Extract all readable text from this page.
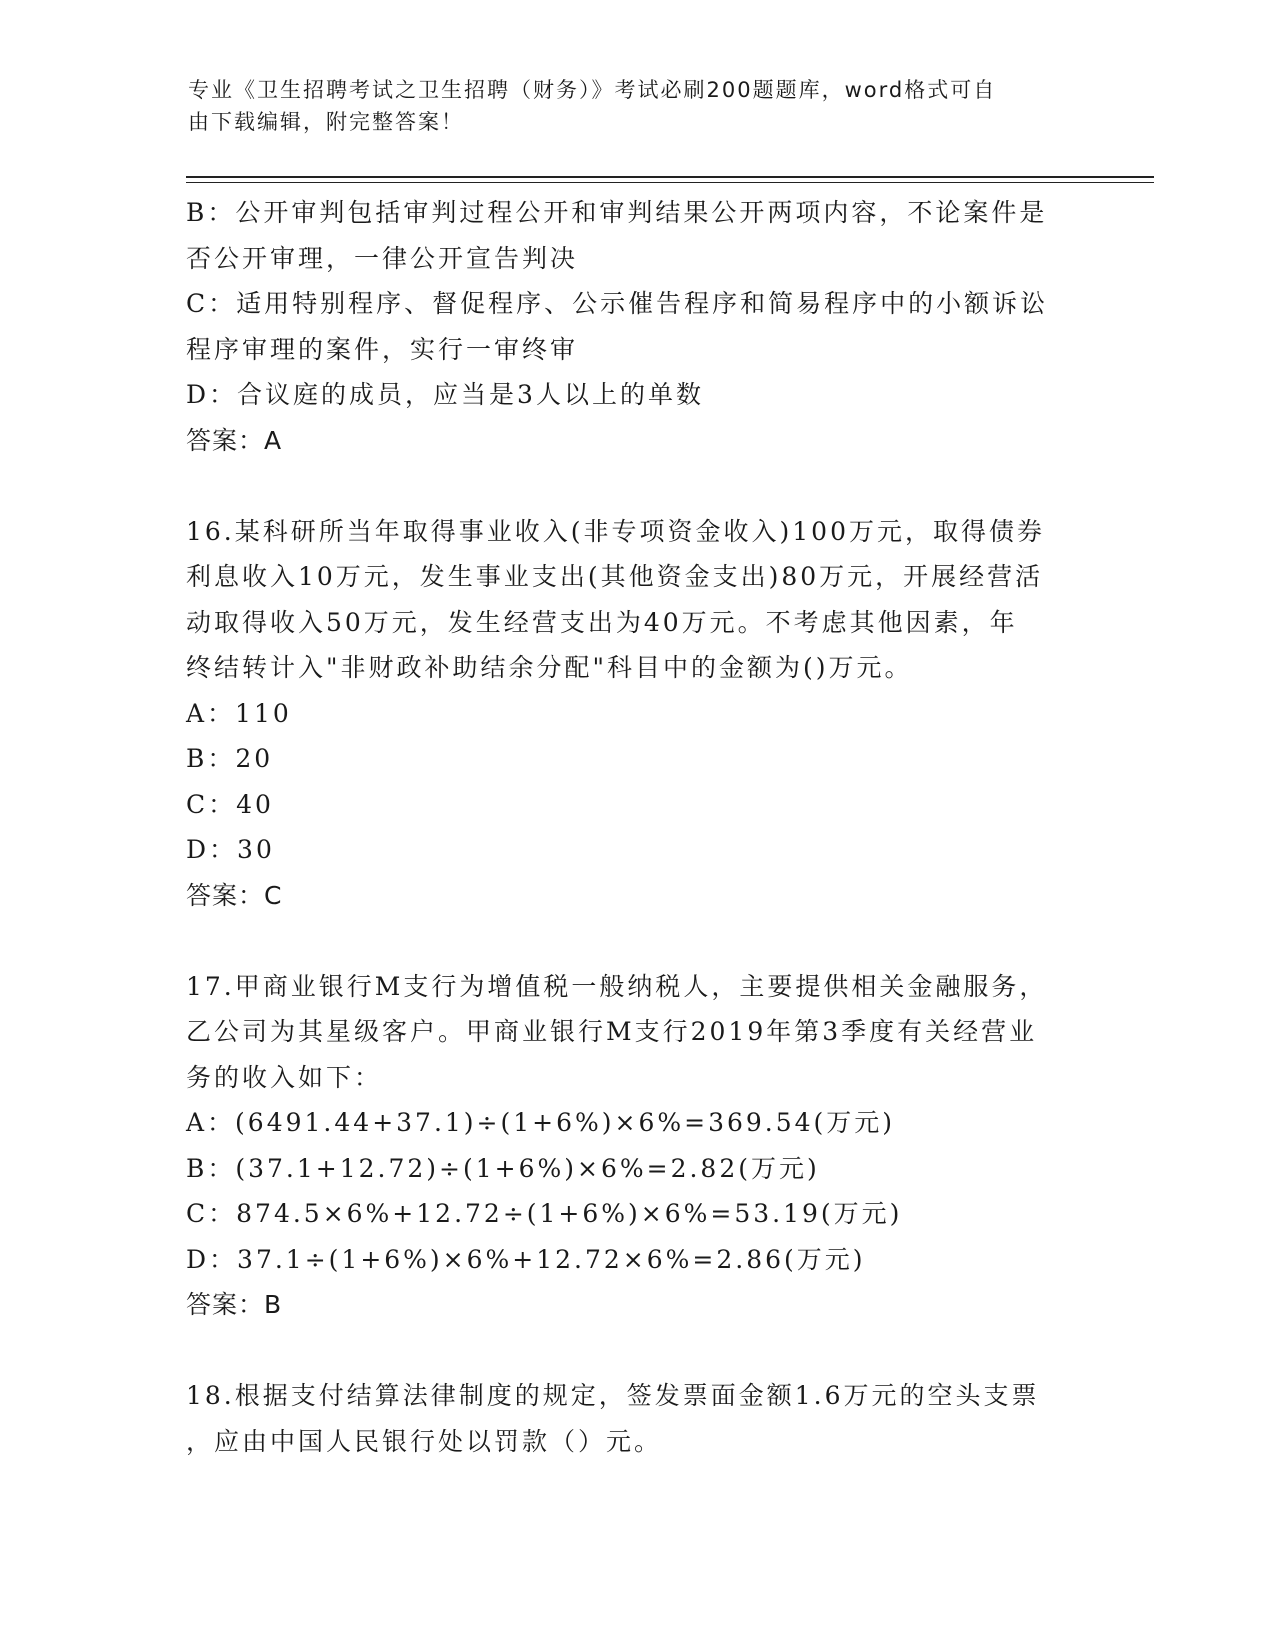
专业《卫生招聘考试之卫生招聘（财务）》考试必刷200题题库，word格式可自
由下载编辑，附完整答案！
B：公开审判包括审判过程公开和审判结果公开两项内容，不论案件是
否公开审理，一律公开宣告判决
C：适用特别程序、督促程序、公示催告程序和简易程序中的小额诉讼
程序审理的案件，实行一审终审
D：合议庭的成员，应当是3人以上的单数
答案：A
16.某科研所当年取得事业收入(非专项资金收入)100万元，取得债券
利息收入10万元，发生事业支出(其他资金支出)80万元，开展经营活
动取得收入50万元，发生经营支出为40万元。不考虑其他因素，年
终结转计入"非财政补助结余分配"科目中的金额为()万元。
A：110
B：20
C：40
D：30
答案：C
17.甲商业银行M支行为增值税一般纳税人，主要提供相关金融服务，
乙公司为其星级客户。甲商业银行M支行2019年第3季度有关经营业
务的收入如下：
A：(6491.44+37.1)÷(1+6%)×6%=369.54(万元)
B：(37.1+12.72)÷(1+6%)×6%=2.82(万元)
C：874.5×6%+12.72÷(1+6%)×6%=53.19(万元)
D：37.1÷(1+6%)×6%+12.72×6%=2.86(万元)
答案：B
18.根据支付结算法律制度的规定，签发票面金额1.6万元的空头支票
，应由中国人民银行处以罚款（）元。
